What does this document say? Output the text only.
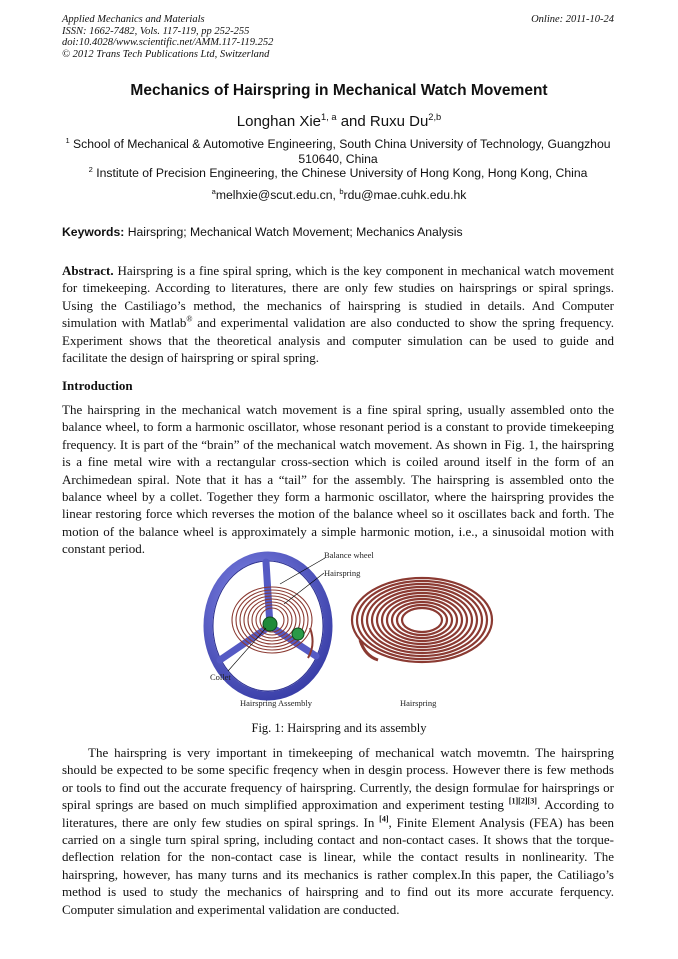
Applied Mechanics and Materials
ISSN: 1662-7482, Vols. 117-119, pp 252-255
doi:10.4028/www.scientific.net/AMM.117-119.252
© 2012 Trans Tech Publications Ltd, Switzerland
Online: 2011-10-24
Mechanics of Hairspring in Mechanical Watch Movement
Longhan Xie$^{1, a}$ and Ruxu Du$^{2,b}$
$^1$ School of Mechanical & Automotive Engineering, South China University of Technology, Guangzhou 510640, China
$^2$ Institute of Precision Engineering, the Chinese University of Hong Kong, Hong Kong, China
$^a$melhxie@scut.edu.cn, $^b$rdu@mae.cuhk.edu.hk
Keywords: Hairspring; Mechanical Watch Movement; Mechanics Analysis
Abstract. Hairspring is a fine spiral spring, which is the key component in mechanical watch movement for timekeeping. According to literatures, there are only few studies on hairsprings or spiral springs. Using the Castiliago’s method, the mechanics of hairspring is studied in details. And Computer simulation with Matlab® and experimental validation are also conducted to show the spring frequency. Experiment shows that the theoretical analysis and computer simulation can be used to guide and facilitate the design of hairspring or spiral spring.
Introduction
The hairspring in the mechanical watch movement is a fine spiral spring, usually assembled onto the balance wheel, to form a harmonic oscillator, whose resonant period is a constant to provide timekeeping frequency. It is part of the “brain” of the mechanical watch movement. As shown in Fig. 1, the hairspring is a fine metal wire with a rectangular cross-section which is coiled around itself in the form of an Archimedean spiral. Note that it has a “tail” for the assembly. The hairspring is assembled onto the balance wheel by a collet. Together they form a harmonic oscillator, where the hairspring provides the linear restoring force which reverses the motion of the balance wheel so it oscillates back and forth. The motion of the balance wheel is approximately a simple harmonic motion, i.e., a sinusoidal motion with constant period.	Balance wheel
Hairspring
Collet
Hairspring Assembly	Hairspring
Fig. 1: Hairspring and its assembly
The hairspring is very important in timekeeping of mechanical watch movemtn. The hairspring should be expected to be some specific freqency when in desgin process. However there is few methods or tools to find out the accurate frequency of hairspring. Currently, the design formulae for hairsprings or spiral springs are based on much simplified approximation and experiment testing [1][2][3]. According to literatures, there are only few studies on spiral springs. In [4], Finite Element Analysis (FEA) has been carried on a single turn spiral spring, including contact and non-contact cases. It shows that the torque-deflection relation for the non-contact case is linear, while the contact results in nonlinearity. The hairspring, however, has many turns and its mechanics is rather complex.In this paper, the Catiliago’s method is used to study the mechanics of hairspring and to find out its more accurate ferquency. Computer simulation and experimental validation are conducted.
